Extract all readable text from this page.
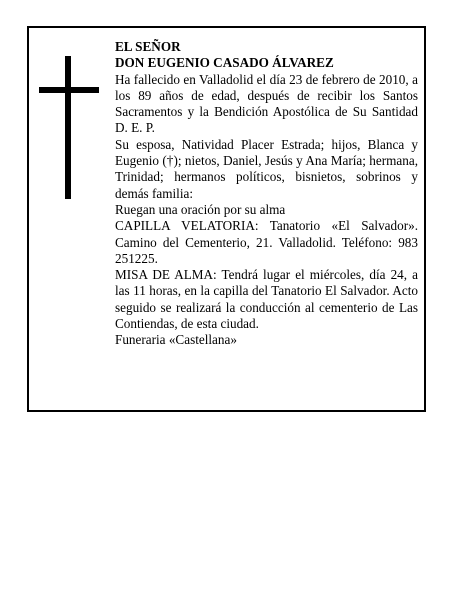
EL SEÑOR

DON EUGENIO CASADO ÁLVAREZ

Ha fallecido en Valladolid el día 23 de febrero de 2010, a los 89 años de edad, después de recibir los Santos Sacramentos y la Bendición Apostólica de Su Santidad D. E. P.

Su esposa, Natividad Placer Estrada; hijos, Blanca y Eugenio (†); nietos, Daniel, Jesús y Ana María; hermana, Trinidad; hermanos políticos, bisnietos, sobrinos y demás familia:

Ruegan una oración por su alma

CAPILLA VELATORIA: Tanatorio «El Salvador». Camino del Cementerio, 21. Valladolid. Teléfono: 983 251225.

MISA DE ALMA: Tendrá lugar el miércoles, día 24, a las 11 horas, en la capilla del Tanatorio El Salvador. Acto seguido se realizará la conducción al cementerio de Las Contiendas, de esta ciudad.

Funeraria «Castellana»
